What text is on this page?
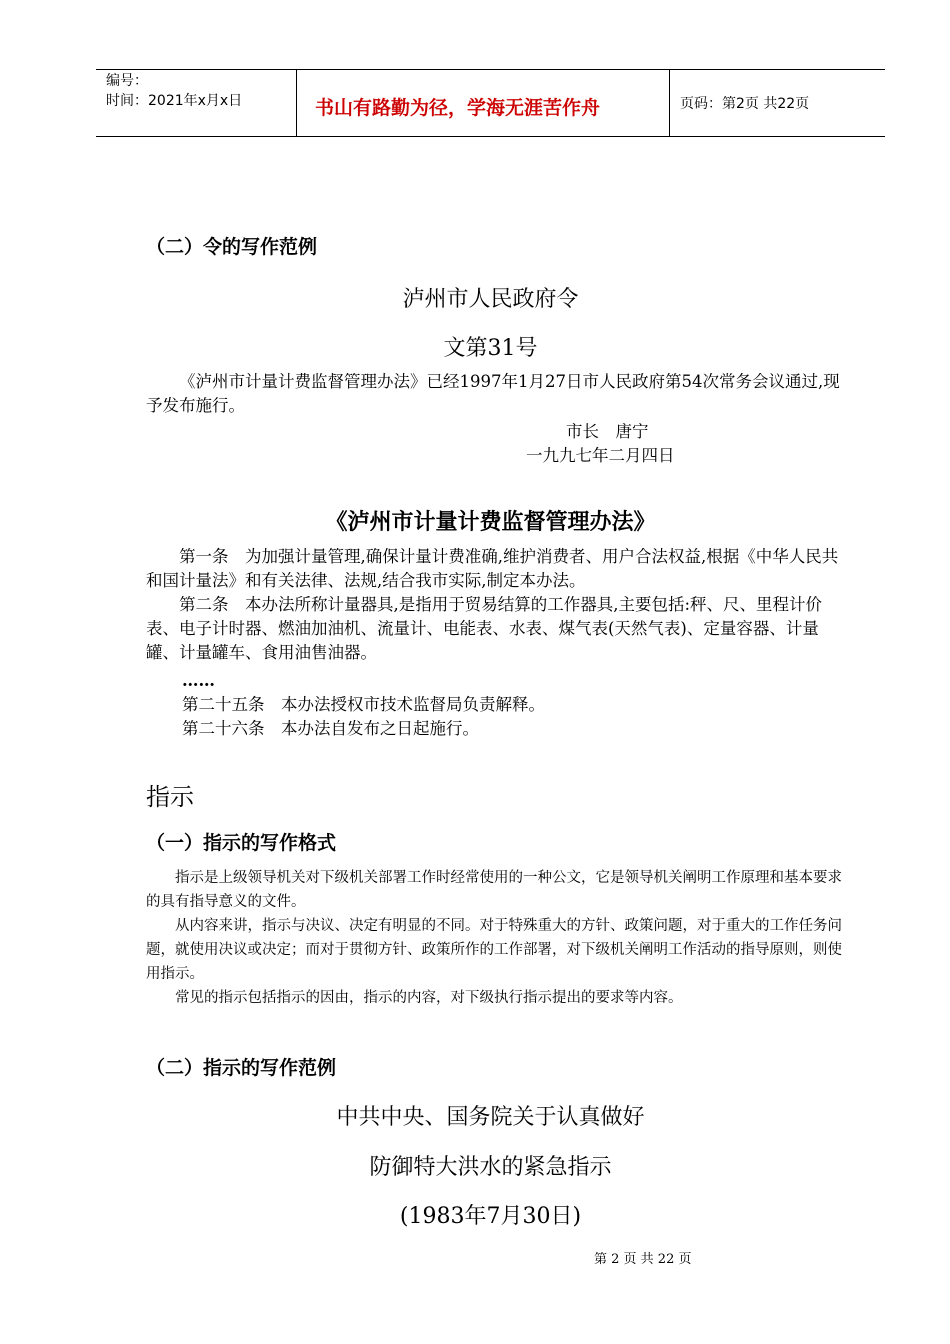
编号：
时间：2021年x月x日	书山有路勤为径，学海无涯苦作舟	页码：第2页 共22页
（二）令的写作范例
泸州市人民政府令
文第31号
《泸州市计量计费监督管理办法》已经1997年1月27日市人民政府第54次常务会议通过,现予发布施行。
市长　唐宁
一九九七年二月四日
《泸州市计量计费监督管理办法》
第一条　为加强计量管理,确保计量计费准确,维护消费者、用户合法权益,根据《中华人民共和国计量法》和有关法律、法规,结合我市实际,制定本办法。
第二条　本办法所称计量器具,是指用于贸易结算的工作器具,主要包括:秤、尺、里程计价表、电子计时器、燃油加油机、流量计、电能表、水表、煤气表(天然气表)、定量容器、计量罐、计量罐车、食用油售油器。
……
第二十五条　本办法授权市技术监督局负责解释。
第二十六条　本办法自发布之日起施行。
指示
（一）指示的写作格式
指示是上级领导机关对下级机关部署工作时经常使用的一种公文，它是领导机关阐明工作原理和基本要求的具有指导意义的文件。
从内容来讲，指示与决议、决定有明显的不同。对于特殊重大的方针、政策问题，对于重大的工作任务问题，就使用决议或决定；而对于贯彻方针、政策所作的工作部署，对下级机关阐明工作活动的指导原则，则使用指示。
常见的指示包括指示的因由，指示的内容，对下级执行指示提出的要求等内容。
（二）指示的写作范例
中共中央、国务院关于认真做好
防御特大洪水的紧急指示
(1983年7月30日)
第 2 页 共 22 页
